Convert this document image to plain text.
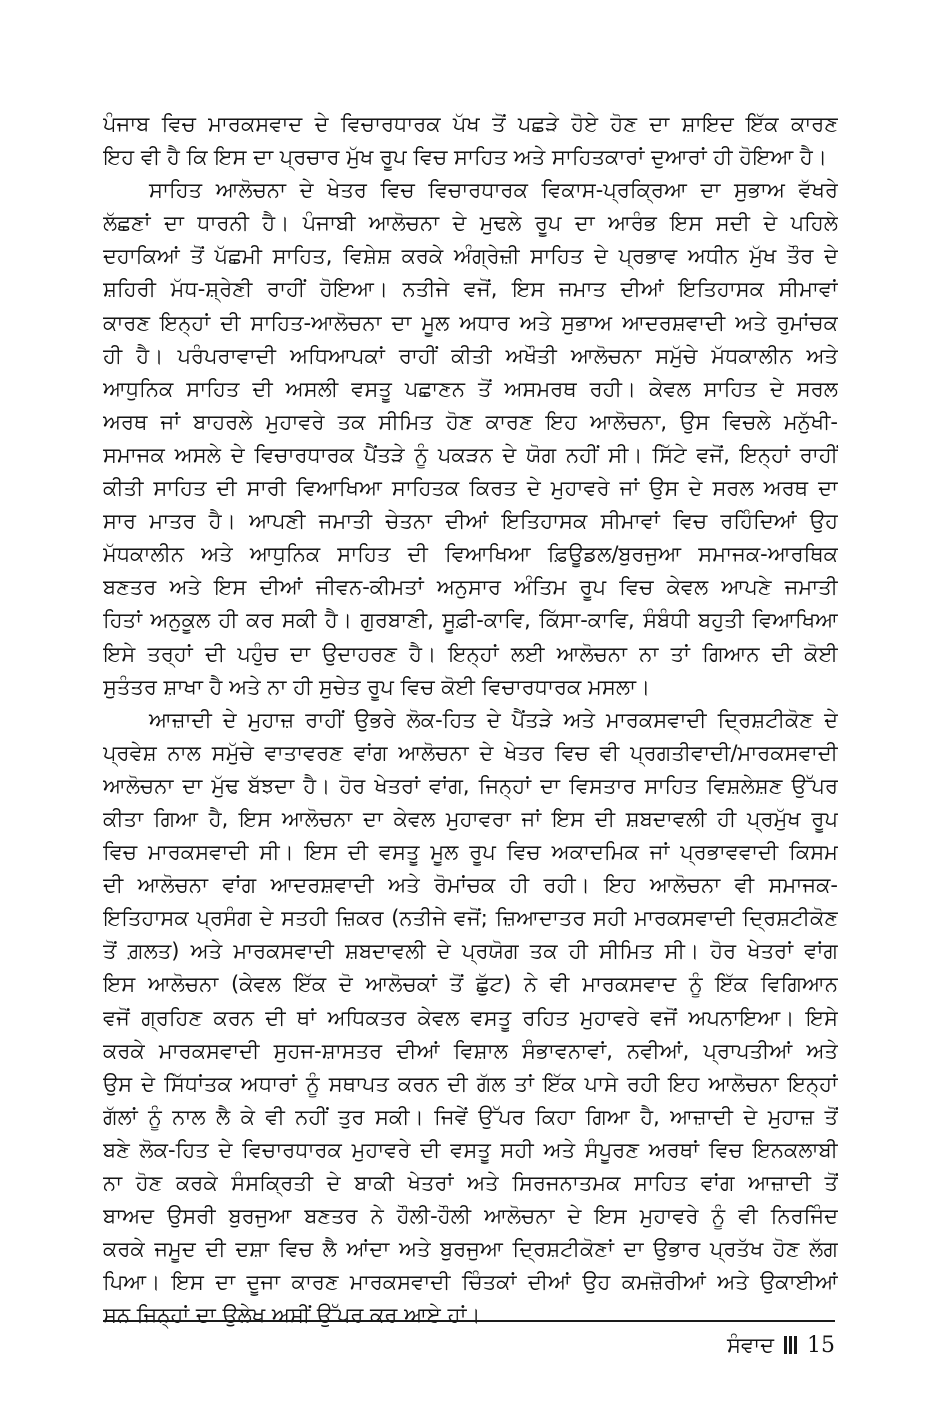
ਪੰਜਾਬ ਵਿਚ ਮਾਰਕਸਵਾਦ ਦੇ ਵਿਚਾਰਧਾਰਕ ਪੱਖ ਤੋਂ ਪਛੜੇ ਹੋਏ ਹੋਣ ਦਾ ਸ਼ਾਇਦ ਇੱਕ ਕਾਰਣ
ਇਹ ਵੀ ਹੈ ਕਿ ਇਸ ਦਾ ਪ੍ਰਚਾਰ ਮੁੱਖ ਰੂਪ ਵਿਚ ਸਾਹਿਤ ਅਤੇ ਸਾਹਿਤਕਾਰਾਂ ਦੁਆਰਾਂ ਹੀ ਹੋਇਆ ਹੈ।
ਸਾਹਿਤ ਆਲੋਚਨਾ ਦੇ ਖੇਤਰ ਵਿਚ ਵਿਚਾਰਧਾਰਕ ਵਿਕਾਸ-ਪ੍ਰਕ੍ਰਿਆ ਦਾ ਸੁਭਾਅ ਵੱਖਰੇ
ਲੱਛਣਾਂ ਦਾ ਧਾਰਨੀ ਹੈ। ਪੰਜਾਬੀ ਆਲੋਚਨਾ ਦੇ ਮੁਢਲੇ ਰੂਪ ਦਾ ਆਰੰਭ ਇਸ ਸਦੀ ਦੇ ਪਹਿਲੇ
ਦਹਾਕਿਆਂ ਤੋਂ ਪੱਛਮੀ ਸਾਹਿਤ, ਵਿਸ਼ੇਸ਼ ਕਰਕੇ ਅੰਗ੍ਰੇਜ਼ੀ ਸਾਹਿਤ ਦੇ ਪ੍ਰਭਾਵ ਅਧੀਨ ਮੁੱਖ ਤੌਰ ਦੇ
ਸ਼ਹਿਰੀ ਮੱਧ-ਸ਼੍ਰੇਣੀ ਰਾਹੀਂ ਹੋਇਆ। ਨਤੀਜੇ ਵਜੋਂ, ਇਸ ਜਮਾਤ ਦੀਆਂ ਇਤਿਹਾਸਕ ਸੀਮਾਵਾਂ
ਕਾਰਣ ਇਨ੍ਹਾਂ ਦੀ ਸਾਹਿਤ-ਆਲੋਚਨਾ ਦਾ ਮੂਲ ਅਧਾਰ ਅਤੇ ਸੁਭਾਅ ਆਦਰਸ਼ਵਾਦੀ ਅਤੇ ਰੁਮਾਂਚਕ
ਹੀ ਹੈ। ਪਰੰਪਰਾਵਾਦੀ ਅਧਿਆਪਕਾਂ ਰਾਹੀਂ ਕੀਤੀ ਅਖੌਤੀ ਆਲੋਚਨਾ ਸਮੁੱਚੇ ਮੱਧਕਾਲੀਨ ਅਤੇ
ਆਧੁਨਿਕ ਸਾਹਿਤ ਦੀ ਅਸਲੀ ਵਸਤੂ ਪਛਾਣਨ ਤੋਂ ਅਸਮਰਥ ਰਹੀ। ਕੇਵਲ ਸਾਹਿਤ ਦੇ ਸਰਲ
ਅਰਥ ਜਾਂ ਬਾਹਰਲੇ ਮੁਹਾਵਰੇ ਤਕ ਸੀਮਿਤ ਹੋਣ ਕਾਰਣ ਇਹ ਆਲੋਚਨਾ, ਉਸ ਵਿਚਲੇ ਮਨੁੱਖੀ-
ਸਮਾਜਕ ਅਸਲੇ ਦੇ ਵਿਚਾਰਧਾਰਕ ਪੈਂਤੜੇ ਨੂੰ ਪਕੜਨ ਦੇ ਯੋਗ ਨਹੀਂ ਸੀ। ਸਿੱਟੇ ਵਜੋਂ, ਇਨ੍ਹਾਂ ਰਾਹੀਂ
ਕੀਤੀ ਸਾਹਿਤ ਦੀ ਸਾਰੀ ਵਿਆਖਿਆ ਸਾਹਿਤਕ ਕਿਰਤ ਦੇ ਮੁਹਾਵਰੇ ਜਾਂ ਉਸ ਦੇ ਸਰਲ ਅਰਥ ਦਾ
ਸਾਰ ਮਾਤਰ ਹੈ। ਆਪਣੀ ਜਮਾਤੀ ਚੇਤਨਾ ਦੀਆਂ ਇਤਿਹਾਸਕ ਸੀਮਾਵਾਂ ਵਿਚ ਰਹਿੰਦਿਆਂ ਉਹ
ਮੱਧਕਾਲੀਨ ਅਤੇ ਆਧੁਨਿਕ ਸਾਹਿਤ ਦੀ ਵਿਆਖਿਆ ਫ਼ਿਊਡਲ/ਬੁਰਜੁਆ ਸਮਾਜਕ-ਆਰਥਿਕ
ਬਣਤਰ ਅਤੇ ਇਸ ਦੀਆਂ ਜੀਵਨ-ਕੀਮਤਾਂ ਅਨੁਸਾਰ ਅੰਤਿਮ ਰੂਪ ਵਿਚ ਕੇਵਲ ਆਪਣੇ ਜਮਾਤੀ
ਹਿਤਾਂ ਅਨੁਕੂਲ ਹੀ ਕਰ ਸਕੀ ਹੈ। ਗੁਰਬਾਣੀ, ਸੂਫ਼ੀ-ਕਾਵਿ, ਕਿੱਸਾ-ਕਾਵਿ, ਸੰਬੰਧੀ ਬਹੁਤੀ ਵਿਆਖਿਆ
ਇਸੇ ਤਰ੍ਹਾਂ ਦੀ ਪਹੁੰਚ ਦਾ ਉਦਾਹਰਣ ਹੈ। ਇਨ੍ਹਾਂ ਲਈ ਆਲੋਚਨਾ ਨਾ ਤਾਂ ਗਿਆਨ ਦੀ ਕੋਈ
ਸੁਤੰਤਰ ਸ਼ਾਖਾ ਹੈ ਅਤੇ ਨਾ ਹੀ ਸੁਚੇਤ ਰੂਪ ਵਿਚ ਕੋਈ ਵਿਚਾਰਧਾਰਕ ਮਸਲਾ।
ਆਜ਼ਾਦੀ ਦੇ ਮੁਹਾਜ਼ ਰਾਹੀਂ ਉਭਰੇ ਲੋਕ-ਹਿਤ ਦੇ ਪੈਂਤੜੇ ਅਤੇ ਮਾਰਕਸਵਾਦੀ ਦ੍ਰਿਸ਼ਟੀਕੋਣ ਦੇ
ਪ੍ਰਵੇਸ਼ ਨਾਲ ਸਮੁੱਚੇ ਵਾਤਾਵਰਣ ਵਾਂਗ ਆਲੋਚਨਾ ਦੇ ਖੇਤਰ ਵਿਚ ਵੀ ਪ੍ਰਗਤੀਵਾਦੀ/ਮਾਰਕਸਵਾਦੀ
ਆਲੋਚਨਾ ਦਾ ਮੁੱਢ ਬੱਝਦਾ ਹੈ। ਹੋਰ ਖੇਤਰਾਂ ਵਾਂਗ, ਜਿਨ੍ਹਾਂ ਦਾ ਵਿਸਤਾਰ ਸਾਹਿਤ ਵਿਸ਼ਲੇਸ਼ਣ ਉੱਪਰ
ਕੀਤਾ ਗਿਆ ਹੈ, ਇਸ ਆਲੋਚਨਾ ਦਾ ਕੇਵਲ ਮੁਹਾਵਰਾ ਜਾਂ ਇਸ ਦੀ ਸ਼ਬਦਾਵਲੀ ਹੀ ਪ੍ਰਮੁੱਖ ਰੂਪ
ਵਿਚ ਮਾਰਕਸਵਾਦੀ ਸੀ। ਇਸ ਦੀ ਵਸਤੂ ਮੂਲ ਰੂਪ ਵਿਚ ਅਕਾਦਮਿਕ ਜਾਂ ਪ੍ਰਭਾਵਵਾਦੀ ਕਿਸਮ
ਦੀ ਆਲੋਚਨਾ ਵਾਂਗ ਆਦਰਸ਼ਵਾਦੀ ਅਤੇ ਰੋਮਾਂਚਕ ਹੀ ਰਹੀ। ਇਹ ਆਲੋਚਨਾ ਵੀ ਸਮਾਜਕ-
ਇਤਿਹਾਸਕ ਪ੍ਰਸੰਗ ਦੇ ਸਤਹੀ ਜ਼ਿਕਰ (ਨਤੀਜੇ ਵਜੋਂ; ਜ਼ਿਆਦਾਤਰ ਸਹੀ ਮਾਰਕਸਵਾਦੀ ਦ੍ਰਿਸ਼ਟੀਕੋਣ
ਤੋਂ ਗ਼ਲਤ) ਅਤੇ ਮਾਰਕਸਵਾਦੀ ਸ਼ਬਦਾਵਲੀ ਦੇ ਪ੍ਰਯੋਗ ਤਕ ਹੀ ਸੀਮਿਤ ਸੀ। ਹੋਰ ਖੇਤਰਾਂ ਵਾਂਗ
ਇਸ ਆਲੋਚਨਾ (ਕੇਵਲ ਇੱਕ ਦੋ ਆਲੋਚਕਾਂ ਤੋਂ ਛੁੱਟ) ਨੇ ਵੀ ਮਾਰਕਸਵਾਦ ਨੂੰ ਇੱਕ ਵਿਗਿਆਨ
ਵਜੋਂ ਗ੍ਰਹਿਣ ਕਰਨ ਦੀ ਥਾਂ ਅਧਿਕਤਰ ਕੇਵਲ ਵਸਤੂ ਰਹਿਤ ਮੁਹਾਵਰੇ ਵਜੋਂ ਅਪਨਾਇਆ। ਇਸੇ
ਕਰਕੇ ਮਾਰਕਸਵਾਦੀ ਸੁਹਜ-ਸ਼ਾਸਤਰ ਦੀਆਂ ਵਿਸ਼ਾਲ ਸੰਭਾਵਨਾਵਾਂ, ਨਵੀਆਂ, ਪ੍ਰਾਪਤੀਆਂ ਅਤੇ
ਉਸ ਦੇ ਸਿੱਧਾਂਤਕ ਅਧਾਰਾਂ ਨੂੰ ਸਥਾਪਤ ਕਰਨ ਦੀ ਗੱਲ ਤਾਂ ਇੱਕ ਪਾਸੇ ਰਹੀ ਇਹ ਆਲੋਚਨਾ ਇਨ੍ਹਾਂ
ਗੱਲਾਂ ਨੂੰ ਨਾਲ ਲੈ ਕੇ ਵੀ ਨਹੀਂ ਤੁਰ ਸਕੀ। ਜਿਵੇਂ ਉੱਪਰ ਕਿਹਾ ਗਿਆ ਹੈ, ਆਜ਼ਾਦੀ ਦੇ ਮੁਹਾਜ਼ ਤੋਂ
ਬਣੇ ਲੋਕ-ਹਿਤ ਦੇ ਵਿਚਾਰਧਾਰਕ ਮੁਹਾਵਰੇ ਦੀ ਵਸਤੂ ਸਹੀ ਅਤੇ ਸੰਪੂਰਣ ਅਰਥਾਂ ਵਿਚ ਇਨਕਲਾਬੀ
ਨਾ ਹੋਣ ਕਰਕੇ ਸੰਸਕ੍ਰਿਤੀ ਦੇ ਬਾਕੀ ਖੇਤਰਾਂ ਅਤੇ ਸਿਰਜਨਾਤਮਕ ਸਾਹਿਤ ਵਾਂਗ ਆਜ਼ਾਦੀ ਤੋਂ
ਬਾਅਦ ਉਸਰੀ ਬੁਰਜੁਆ ਬਣਤਰ ਨੇ ਹੌਲੀ-ਹੌਲੀ ਆਲੋਚਨਾ ਦੇ ਇਸ ਮੁਹਾਵਰੇ ਨੂੰ ਵੀ ਨਿਰਜਿੰਦ
ਕਰਕੇ ਜਮੂਦ ਦੀ ਦਸ਼ਾ ਵਿਚ ਲੈ ਆਂਦਾ ਅਤੇ ਬੁਰਜੁਆ ਦ੍ਰਿਸ਼ਟੀਕੋਣਾਂ ਦਾ ਉਭਾਰ ਪ੍ਰਤੱਖ ਹੋਣ ਲੱਗ
ਪਿਆ। ਇਸ ਦਾ ਦੂਜਾ ਕਾਰਣ ਮਾਰਕਸਵਾਦੀ ਚਿੰਤਕਾਂ ਦੀਆਂ ਉਹ ਕਮਜ਼ੋਰੀਆਂ ਅਤੇ ਉਕਾਈਆਂ
ਸਨ ਜਿਨ੍ਹਾਂ ਦਾ ਉਲੇਖ ਅਸੀਂ ਉੱਪਰ ਕਰ ਆਏ ਹਾਂ।
ਸੰਵਾਦ 15
